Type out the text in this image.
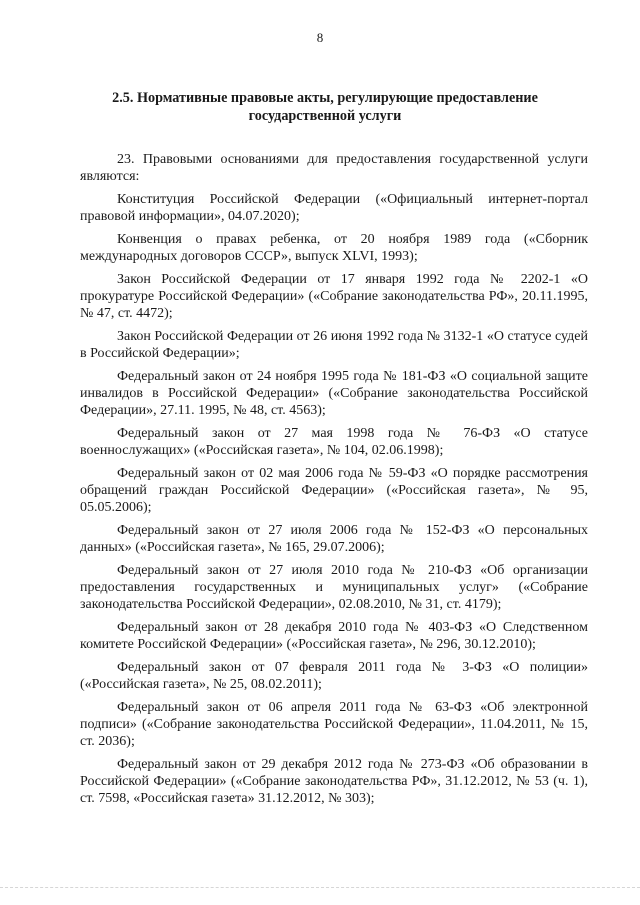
8
2.5. Нормативные правовые акты, регулирующие предоставление государственной услуги

23. Правовыми основаниями для предоставления государственной услуги являются:

Конституция Российской Федерации («Официальный интернет-портал правовой информации», 04.07.2020);

Конвенция о правах ребенка, от 20 ноября 1989 года («Сборник международных договоров СССР», выпуск XLVI, 1993);

Закон Российской Федерации от 17 января 1992 года № 2202-1 «О прокуратуре Российской Федерации» («Собрание законодательства РФ», 20.11.1995, № 47, ст. 4472);

Закон Российской Федерации от 26 июня 1992 года № 3132-1 «О статусе судей в Российской Федерации»;

Федеральный закон от 24 ноября 1995 года № 181-ФЗ «О социальной защите инвалидов в Российской Федерации» («Собрание законодательства Российской Федерации», 27.11. 1995, № 48, ст. 4563);

Федеральный закон от 27 мая 1998 года № 76-ФЗ «О статусе военнослужащих» («Российская газета», № 104, 02.06.1998);

Федеральный закон от 02 мая 2006 года № 59-ФЗ «О порядке рассмотрения обращений граждан Российской Федерации» («Российская газета», № 95, 05.05.2006);

Федеральный закон от 27 июля 2006 года № 152-ФЗ «О персональных данных» («Российская газета», № 165, 29.07.2006);

Федеральный закон от 27 июля 2010 года № 210-ФЗ «Об организации предоставления государственных и муниципальных услуг» («Собрание законодательства Российской Федерации», 02.08.2010, № 31, ст. 4179);

Федеральный закон от 28 декабря 2010 года № 403-ФЗ «О Следственном комитете Российской Федерации» («Российская газета», № 296, 30.12.2010);

Федеральный закон от 07 февраля 2011 года № 3-ФЗ «О полиции» («Российская газета», № 25, 08.02.2011);

Федеральный закон от 06 апреля 2011 года № 63-ФЗ «Об электронной подписи» («Собрание законодательства Российской Федерации», 11.04.2011, № 15, ст. 2036);

Федеральный закон от 29 декабря 2012 года № 273-ФЗ «Об образовании в Российской Федерации» («Собрание законодательства РФ», 31.12.2012, № 53 (ч. 1), ст. 7598, «Российская газета» 31.12.2012, № 303);
